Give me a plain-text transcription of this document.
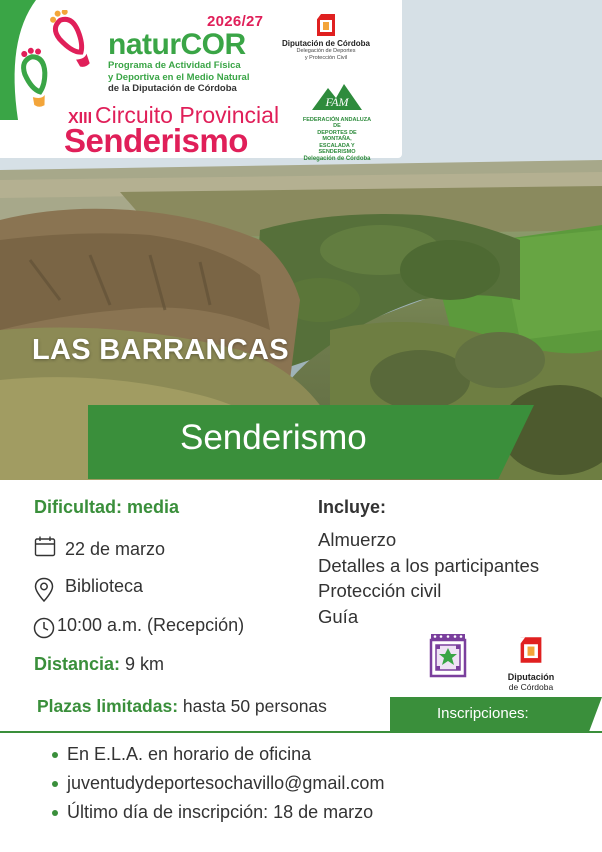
2026/27
naturCOR
Programa de Actividad Física
y Deportiva en el Medio Natural
de la Diputación de Córdoba
XIII Circuito Provincial
Senderismo
Diputación de Córdoba
Delegación de Deportes
y Protección Civil
FAM
FEDERACIÓN ANDALUZA DE
DEPORTES DE MONTAÑA,
ESCALADA Y SENDERISMO
Delegación de Córdoba
LAS BARRANCAS
Senderismo
Dificultad: media
22 de marzo
Biblioteca
10:00 a.m. (Recepción)
Distancia: 9 km
Incluye:
Almuerzo
Detalles a los participantes
Protección civil
Guía
Diputación
de Córdoba
Plazas limitadas: hasta 50 personas	Inscripciones:
En E.L.A. en horario de oficina
juventudydeportesochavillo@gmail.com
Último día de inscripción: 18 de marzo
